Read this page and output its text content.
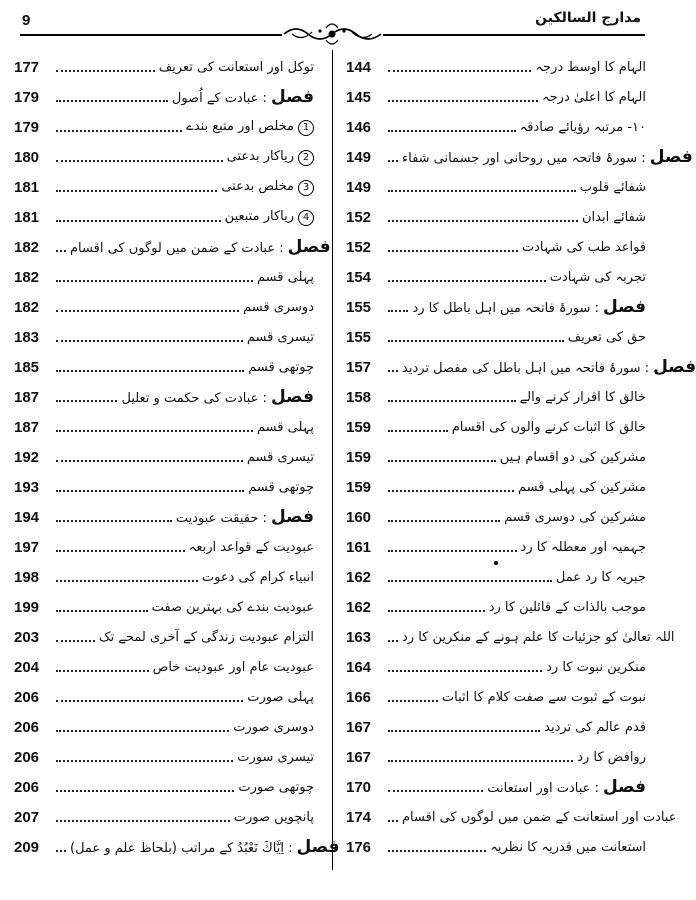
9	مدارج السالكين
144	الہام کا اوسط درجہ
145	الہام کا اعلیٰ درجہ
146	۱۰- مرتبہ رؤیائے صادقہ
149	فصل: سورۂ فاتحہ میں روحانی اور جسمانی شفاء
149	شفائے قلوب
152	شفائے ابدان
152	قواعد طب کی شہادت
154	تجربہ کی شہادت
155	فصل: سورۂ فاتحہ میں اہل باطل کا رد
155	حق کی تعریف
157	فصل: سورۂ فاتحہ میں اہل باطل کی مفصل تردید
158	خالق کا اقرار کرنے والے
159	خالق کا اثبات کرنے والوں کی اقسام
159	مشرکین کی دو اقسام ہیں
159	مشرکین کی پہلی قسم
160	مشرکین کی دوسری قسم
161	جہمیہ اور معطلہ کا رد
162	جبریہ کا رد عمل
162	موجب بالذات کے قائلین کا رد
163	اللہ تعالیٰ کو جزئیات کا علم ہونے کے منکرین کا رد
164	منکرین نبوت کا رد
166	نبوت کے ثبوت سے صفت کلام کا اثبات
167	قدم عالم کی تردید
167	روافض کا رد
170	فصل: عبادت اور استعانت
174	عبادت اور استعانت کے ضمن میں لوگوں کی اقسام
176	استعانت میں قدریہ کا نظریہ
177	توکل اور استعانت کی تعریف
179	فصل: عبادت کے اُصول
179	1مخلص اور متبع بندے
180	2ریاکار بدعتی
181	3مخلص بدعتی
181	4ریاکار متبعین
182	فصل: عبادت کے ضمن میں لوگوں کی اقسام
182	پہلی قسم
182	دوسری قسم
183	تیسری قسم
185	چوتھی قسم
187	فصل: عبادت کی حکمت و تعلیل
187	پہلی قسم
192	تیسری قسم
193	چوتھی قسم
194	فصل: حقیقت عبودیت
197	عبودیت کے قواعد اربعہ
198	انبیاء کرام کی دعوت
199	عبودیت بندے کی بہترین صفت
203	التزام عبودیت زندگی کے آخری لمحے تک
204	عبودیت عام اور عبودیت خاص
206	پہلی صورت
206	دوسری صورت
206	تیسری سورت
206	چوتھی صورت
207	پانچویں صورت
209	فصل: اِیَّاكَ نَعْبُدُ کے مراتب (بلحاظ علم و عمل)
